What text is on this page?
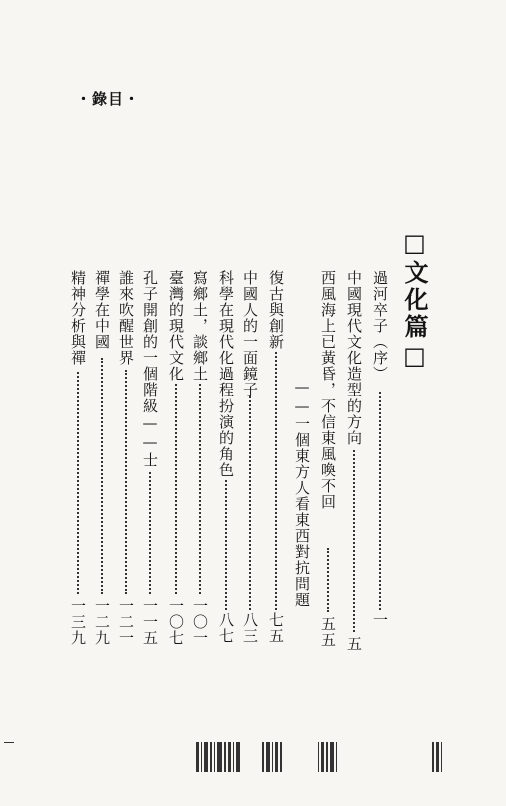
・錄目・
□文化篇□
過河卒子（序）
一
中國現代文化造型的方向
五
西風海上已黃昏，不信東風喚不回
五五
——一個東方人看東西對抗問題
復古與創新
七五
中國人的一面鏡子
八三
科學在現代化過程扮演的角色
八七
寫鄉土，談鄉土
一〇一
臺灣的現代文化
一〇七
孔子開創的一個階級——士
一一五
誰來吹醒世界
一二一
禪學在中國
一二九
精神分析與禪
一三九
